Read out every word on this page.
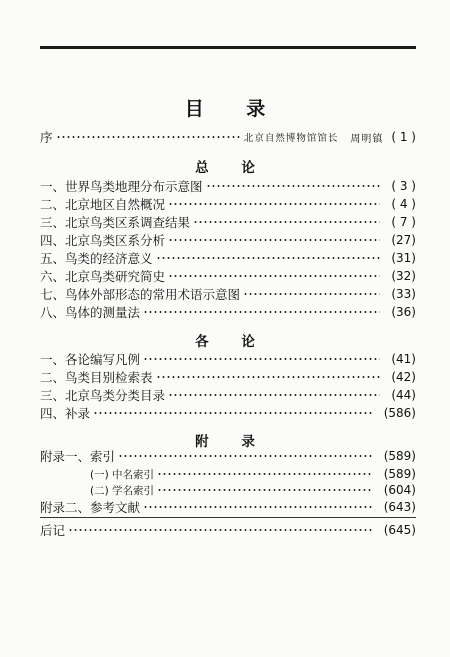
目 录
序	北京自然博物馆馆长 周明镇 ( 1 )
总 论
一、世界鸟类地理分布示意图	( 3 )
二、北京地区自然概况	( 4 )
三、北京鸟类区系调查结果	( 7 )
四、北京鸟类区系分析	(27)
五、鸟类的经济意义	(31)
六、北京鸟类研究简史	(32)
七、鸟体外部形态的常用术语示意图	(33)
八、鸟体的测量法	(36)
各 论
一、各论编写凡例	(41)
二、鸟类目别检索表	(42)
三、北京鸟类分类目录	(44)
四、补录	(586)
附 录
附录一、索引	(589)
(一) 中名索引	(589)
(二) 学名索引	(604)
附录二、参考文献	(643)
后记	(645)
